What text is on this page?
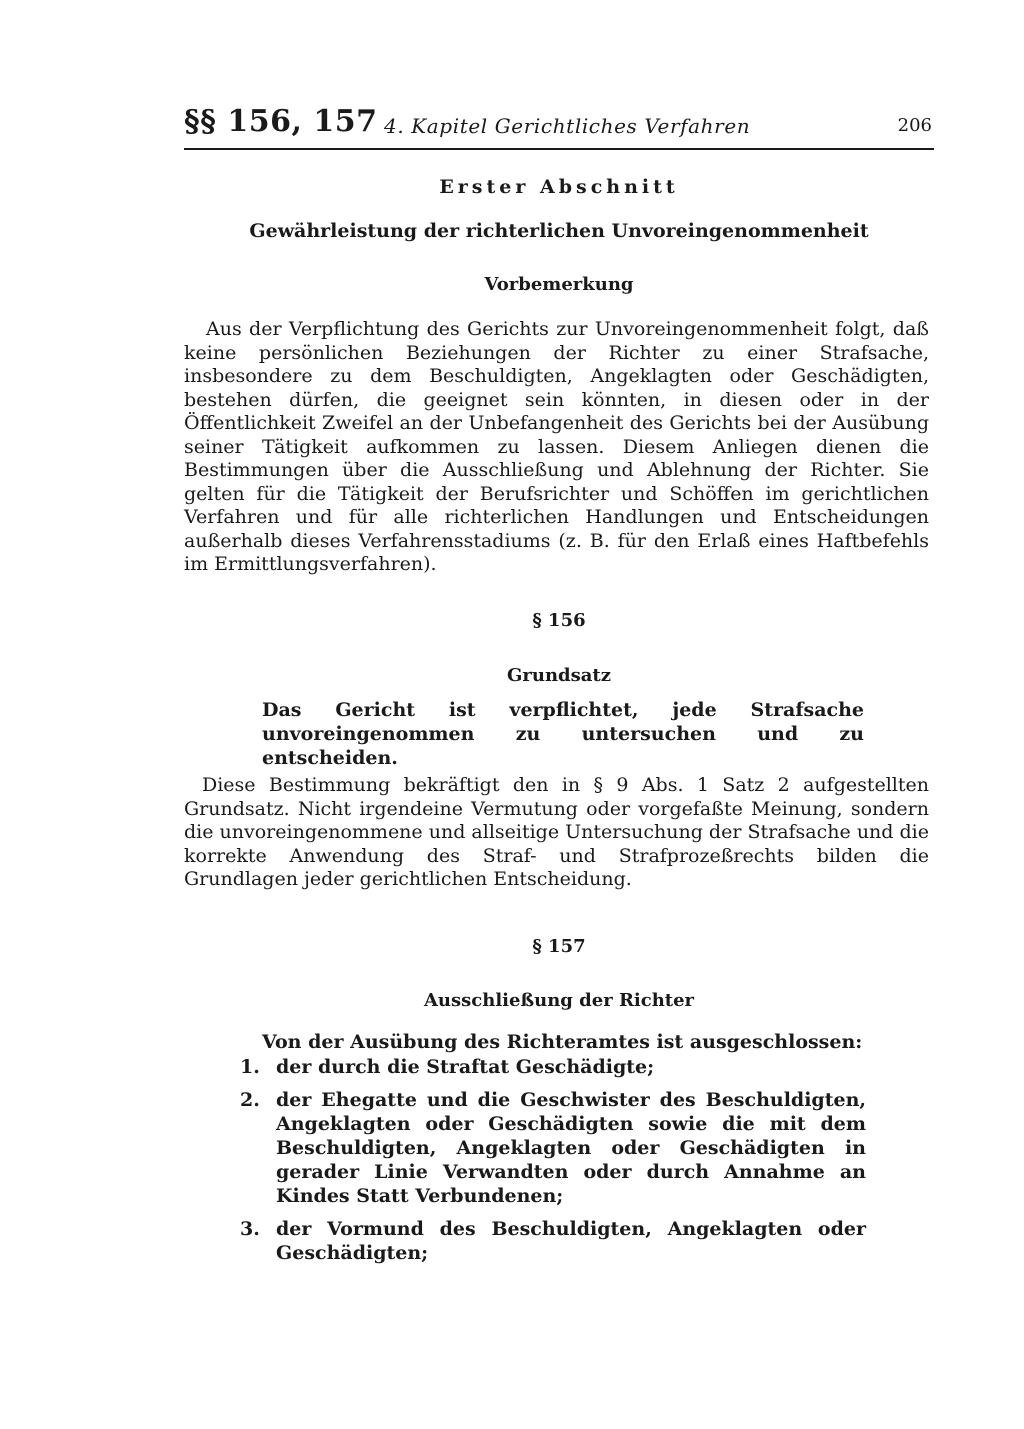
§§ 156, 157 4. Kapitel Gerichtliches Verfahren	206
Erster Abschnitt
Gewährleistung der richterlichen Unvoreingenommenheit
Vorbemerkung

Aus der Verpflichtung des Gerichts zur Unvoreingenommenheit folgt, daß keine persönlichen Beziehungen der Richter zu einer Strafsache, insbesondere zu dem Beschuldigten, Angeklagten oder Geschädigten, bestehen dürfen, die geeignet sein könnten, in diesen oder in der Öffentlichkeit Zweifel an der Unbefangenheit des Gerichts bei der Ausübung seiner Tätigkeit aufkommen zu lassen. Diesem Anliegen dienen die Bestimmungen über die Ausschließung und Ablehnung der Richter. Sie gelten für die Tätigkeit der Berufsrichter und Schöffen im gerichtlichen Verfahren und für alle richterlichen Handlungen und Entscheidungen außerhalb dieses Verfahrensstadiums (z. B. für den Erlaß eines Haftbefehls im Ermittlungsverfahren).

§ 156
Grundsatz

Das Gericht ist verpflichtet, jede Strafsache unvoreingenommen zu untersuchen und zu entscheiden.

Diese Bestimmung bekräftigt den in § 9 Abs. 1 Satz 2 aufgestellten Grundsatz. Nicht irgendeine Vermutung oder vorgefaßte Meinung, sondern die unvoreingenommene und allseitige Untersuchung der Strafsache und die korrekte Anwendung des Straf- und Strafprozeßrechts bilden die Grundlagen jeder gerichtlichen Entscheidung.

§ 157
Ausschließung der Richter

Von der Ausübung des Richteramtes ist ausgeschlossen:

1. der durch die Straftat Geschädigte;
2. der Ehegatte und die Geschwister des Beschuldigten, Angeklagten oder Geschädigten sowie die mit dem Beschuldigten, Angeklagten oder Geschädigten in gerader Linie Verwandten oder durch Annahme an Kindes Statt Verbundenen;
3. der Vormund des Beschuldigten, Angeklagten oder Geschädigten;
